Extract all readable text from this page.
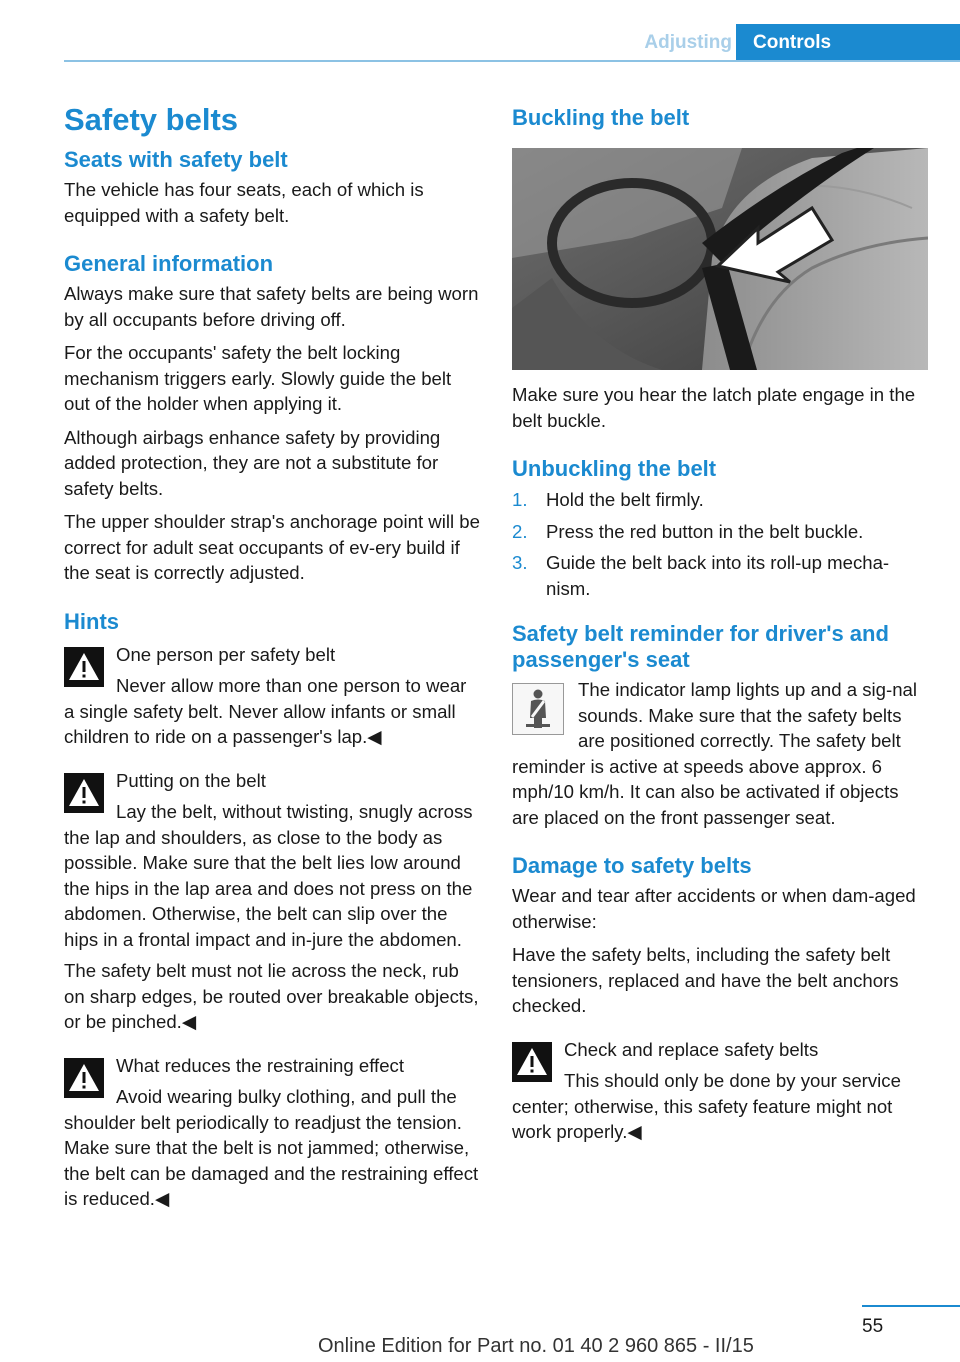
Adjusting	Controls
Safety belts
Seats with safety belt

The vehicle has four seats, each of which is equipped with a safety belt.

General information

Always make sure that safety belts are being worn by all occupants before driving off.

For the occupants' safety the belt locking mechanism triggers early. Slowly guide the belt out of the holder when applying it.

Although airbags enhance safety by providing added protection, they are not a substitute for safety belts.

The upper shoulder strap's anchorage point will be correct for adult seat occupants of ev‐ery build if the seat is correctly adjusted.

Hints

One person per safety belt

Never allow more than one person to wear a single safety belt. Never allow infants or small children to ride on a passenger's lap.◀

Putting on the belt

Lay the belt, without twisting, snugly across the lap and shoulders, as close to the body as possible. Make sure that the belt lies low around the hips in the lap area and does not press on the abdomen. Otherwise, the belt can slip over the hips in a frontal impact and in‐jure the abdomen.

The safety belt must not lie across the neck, rub on sharp edges, be routed over breakable objects, or be pinched.◀

What reduces the restraining effect

Avoid wearing bulky clothing, and pull the shoulder belt periodically to readjust the tension. Make sure that the belt is not jammed; otherwise, the belt can be damaged and the restraining effect is reduced.◀

Buckling the belt

Make sure you hear the latch plate engage in the belt buckle.

Unbuckling the belt
1. Hold the belt firmly.
2. Press the red button in the belt buckle.
3. Guide the belt back into its roll-up mecha‐nism.
Safety belt reminder for driver's and passenger's seat

The indicator lamp lights up and a sig‐nal sounds. Make sure that the safety belts are positioned correctly. The safety belt reminder is active at speeds above approx. 6 mph/10 km/h. It can also be activated if objects are placed on the front passenger seat.

Damage to safety belts

Wear and tear after accidents or when dam‐aged otherwise:

Have the safety belts, including the safety belt tensioners, replaced and have the belt anchors checked.

Check and replace safety belts

This should only be done by your service center; otherwise, this safety feature might not work properly.◀

55
Online Edition for Part no. 01 40 2 960 865 - II/15
